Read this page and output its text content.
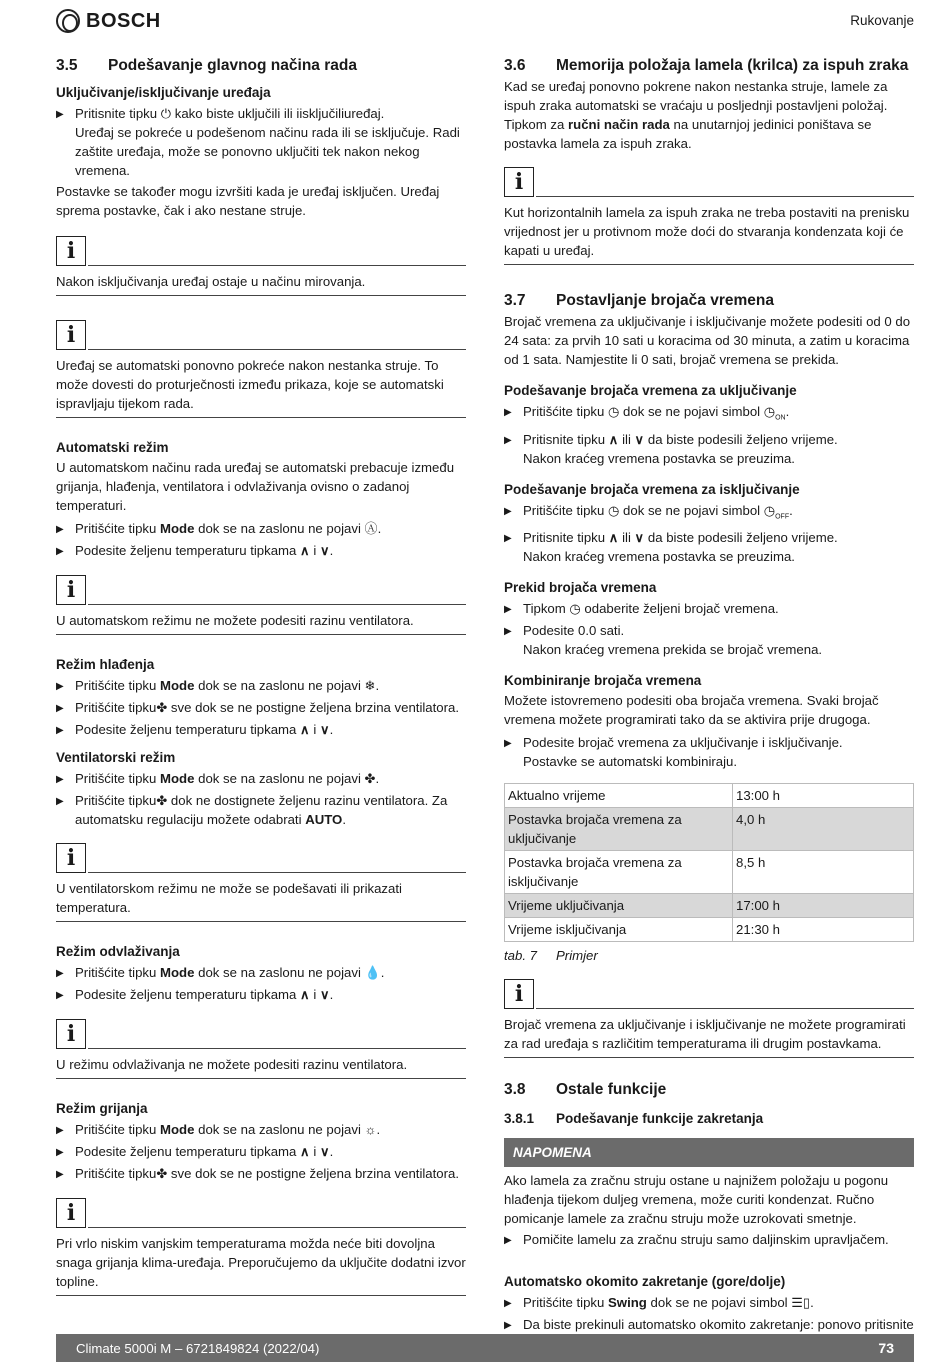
BOSCH	Rukovanje
3.5	Podešavanje glavnog načina rada
Uključivanje/isključivanje uređaja
▶ Pritisnite tipku ⏻ kako biste uključili ili iisključiliuređaj.
Uređaj se pokreće u podešenom načinu rada ili se isključuje. Radi zaštite uređaja, može se ponovno uključiti tek nakon nekog vremena.

Postavke se također mogu izvršiti kada je uređaj isključen. Uređaj sprema postavke, čak i ako nestane struje.

i
Nakon isključivanja uređaj ostaje u načinu mirovanja.
i
Uređaj se automatski ponovno pokreće nakon nestanka struje. To može dovesti do proturječnosti između prikaza, koje se automatski ispravljaju tijekom rada.
Automatski režim

U automatskom načinu rada uređaj se automatski prebacuje između grijanja, hlađenja, ventilatora i odvlaživanja ovisno o zadanoj temperaturi.

▶ Pritišćite tipku Mode dok se na zaslonu ne pojavi Ⓐ.
▶ Podesite željenu temperaturu tipkama ∧ i ∨.
i
U automatskom režimu ne možete podesiti razinu ventilatora.
Režim hlađenja
▶ Pritišćite tipku Mode dok se na zaslonu ne pojavi ❄.
▶ Pritišćite tipku✤ sve dok se ne postigne željena brzina ventilatora.
▶ Podesite željenu temperaturu tipkama ∧ i ∨.
Ventilatorski režim
▶ Pritišćite tipku Mode dok se na zaslonu ne pojavi ✤.
▶ Pritišćite tipku✤ dok ne dostignete željenu razinu ventilatora. Za automatsku regulaciju možete odabrati AUTO.
i
U ventilatorskom režimu ne može se podešavati ili prikazati temperatura.
Režim odvlaživanja
▶ Pritišćite tipku Mode dok se na zaslonu ne pojavi 💧.
▶ Podesite željenu temperaturu tipkama ∧ i ∨.
i
U režimu odvlaživanja ne možete podesiti razinu ventilatora.
Režim grijanja
▶ Pritišćite tipku Mode dok se na zaslonu ne pojavi ☼.
▶ Podesite željenu temperaturu tipkama ∧ i ∨.
▶ Pritišćite tipku✤ sve dok se ne postigne željena brzina ventilatora.
i
Pri vrlo niskim vanjskim temperaturama možda neće biti dovoljna snaga grijanja klima-uređaja. Preporučujemo da uključite dodatni izvor topline.
3.6	Memorija položaja lamela (krilca) za ispuh zraka

Kad se uređaj ponovno pokrene nakon nestanka struje, lamele za ispuh zraka automatski se vraćaju u posljednji postavljeni položaj. Tipkom za ručni način rada na unutarnjoj jedinici poništava se postavka lamela za ispuh zraka.

i
Kut horizontalnih lamela za ispuh zraka ne treba postaviti na prenisku vrijednost jer u protivnom može doći do stvaranja kondenzata koji će kapati u uređaj.
3.7	Postavljanje brojača vremena

Brojač vremena za uključivanje i isključivanje možete podesiti od 0 do 24 sata: za prvih 10 sati u koracima od 30 minuta, a zatim u koracima od 1 sata. Namjestite li 0 sati, brojač vremena se prekida.

Podešavanje brojača vremena za uključivanje
▶ Pritišćite tipku ◷ dok se ne pojavi simbol $◷_{ON}$.
▶ Pritisnite tipku ∧ ili ∨ da biste podesili željeno vrijeme.
Nakon kraćeg vremena postavka se preuzima.
Podešavanje brojača vremena za isključivanje
▶ Pritišćite tipku ◷ dok se ne pojavi simbol $◷_{OFF}$.
▶ Pritisnite tipku ∧ ili ∨ da biste podesili željeno vrijeme.
Nakon kraćeg vremena postavka se preuzima.
Prekid brojača vremena
▶ Tipkom ◷ odaberite željeni brojač vremena.
▶ Podesite 0.0 sati.
Nakon kraćeg vremena prekida se brojač vremena.
Kombiniranje brojača vremena

Možete istovremeno podesiti oba brojača vremena. Svaki brojač vremena možete programirati tako da se aktivira prije drugoga.

▶ Podesite brojač vremena za uključivanje i isključivanje.
Postavke se automatski kombiniraju.
Aktualno vrijeme	13:00 h
Postavka brojača vremena za uključivanje	4,0 h
Postavka brojača vremena za isključivanje	8,5 h
Vrijeme uključivanja	17:00 h
Vrijeme isključivanja	21:30 h
tab. 7	Primjer
i
Brojač vremena za uključivanje i isključivanje ne možete programirati za rad uređaja s različitim temperaturama ili drugim postavkama.
3.8	Ostale funkcije
3.8.1	Podešavanje funkcije zakretanja
NAPOMENA

Ako lamela za zračnu struju ostane u najnižem položaju u pogonu hlađenja tijekom duljeg vremena, može curiti kondenzat. Ručno pomicanje lamele za zračnu struju može uzrokovati smetnje.

▶ Pomičite lamelu za zračnu struju samo daljinskim upravljačem.
Automatsko okomito zakretanje (gore/dolje)
▶ Pritišćite tipku Swing dok se ne pojavi simbol ☰▯.
▶ Da biste prekinuli automatsko okomito zakretanje: ponovo pritisnite
Climate 5000i M – 6721849824 (2022/04)	73
